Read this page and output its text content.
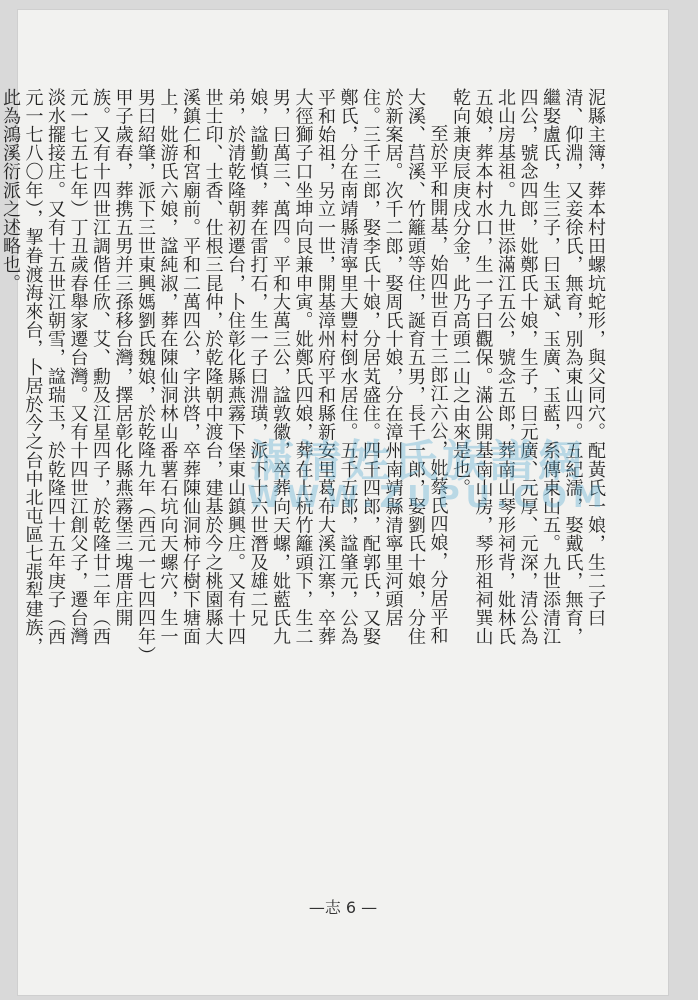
泥縣主簿，葬本村田螺坑蛇形，與父同穴。配黃氏一娘，生二子曰清、仰淵，又妾徐氏，無育，別為東山四。五紀濡，娶戴氏，無育，繼娶盧氏，生三子，曰玉斌、玉廣、玉藍，系傳東山五。九世添清江四公，號念四郎，妣鄭氏十娘，生子，曰元廣、元厚、元深，清公為北山房基祖。九世添滿江五公，號念五郎，葬南山琴形祠背，妣林氏五娘，葬本村水口，生一子曰觀保。滿公開基南山房，琴形祖祠巽山乾向兼庚辰庚戌分金，此乃高頭二山之由來是也。

至於平和開基，始四世百十三郎江六公，妣蔡氏四娘，分居平和大溪、莒溪、竹籬頭等住，誕育五男，長千一郎，娶劉氏十娘，分住於新案居。次千二郎，娶周氏十娘，分在漳州南靖縣清寧里河頭居住。三千三郎，娶李氏十娘，分居芄盛住。四千四郎，配郭氏，又娶鄭氏，分在南靖縣清寧里大豐村倒水居住。五千五郎，諡肇元，公為平和始祖，另立一世，開基漳州府平和縣新安里葛布大溪江寨，卒葬大徑獅子口坐坤向艮兼申寅。妣鄭氏四娘，葬在上杭竹籬頭下，生二男，曰萬三、萬四。平和大萬三公，諡敦徽，卒葬向天螺，妣藍氏九娘，諡勤慎，葬在雷打石，生一子曰淵璜，派下十六世潛及雄二兄弟，於清乾隆朝初遷台，卜住彰化縣燕霧下堡東山鎮興庄。又有十四世士印、士香、仕根三昆仲，於乾隆朝中渡台，建基於今之桃園縣大溪鎮仁和宮廟前。平和二萬四公，字洪啓，卒葬陳仙洞柿仔樹下塘面上，妣游氏六娘，諡純淑，葬在陳仙洞林山番薯石坑向天螺穴，生一男曰紹肇，派下三世東興媽劉氏魏娘，於乾隆九年（西元一七四四年）甲子歲春，葬携五男并三孫移台灣，擇居彰化縣燕霧堡三塊厝庄開族。又有十四世江調偕任欣、艾、勳及江星四子，於乾隆廿二年（西元一七五七年）丁丑歲春舉家遷台灣。又有十四世江創父子，遷台灣淡水擺接庄。又有十五世江朝雪，諡瑞玉，於乾隆四十五年庚子（西元一七八〇年），挈眷渡海來台，卜居於今之台中北屯區七張犁建族，此為鴻溪衍派之述略也。

滿清姓氏族譜網
WWW.ZUPU.COM
—志 6 —
